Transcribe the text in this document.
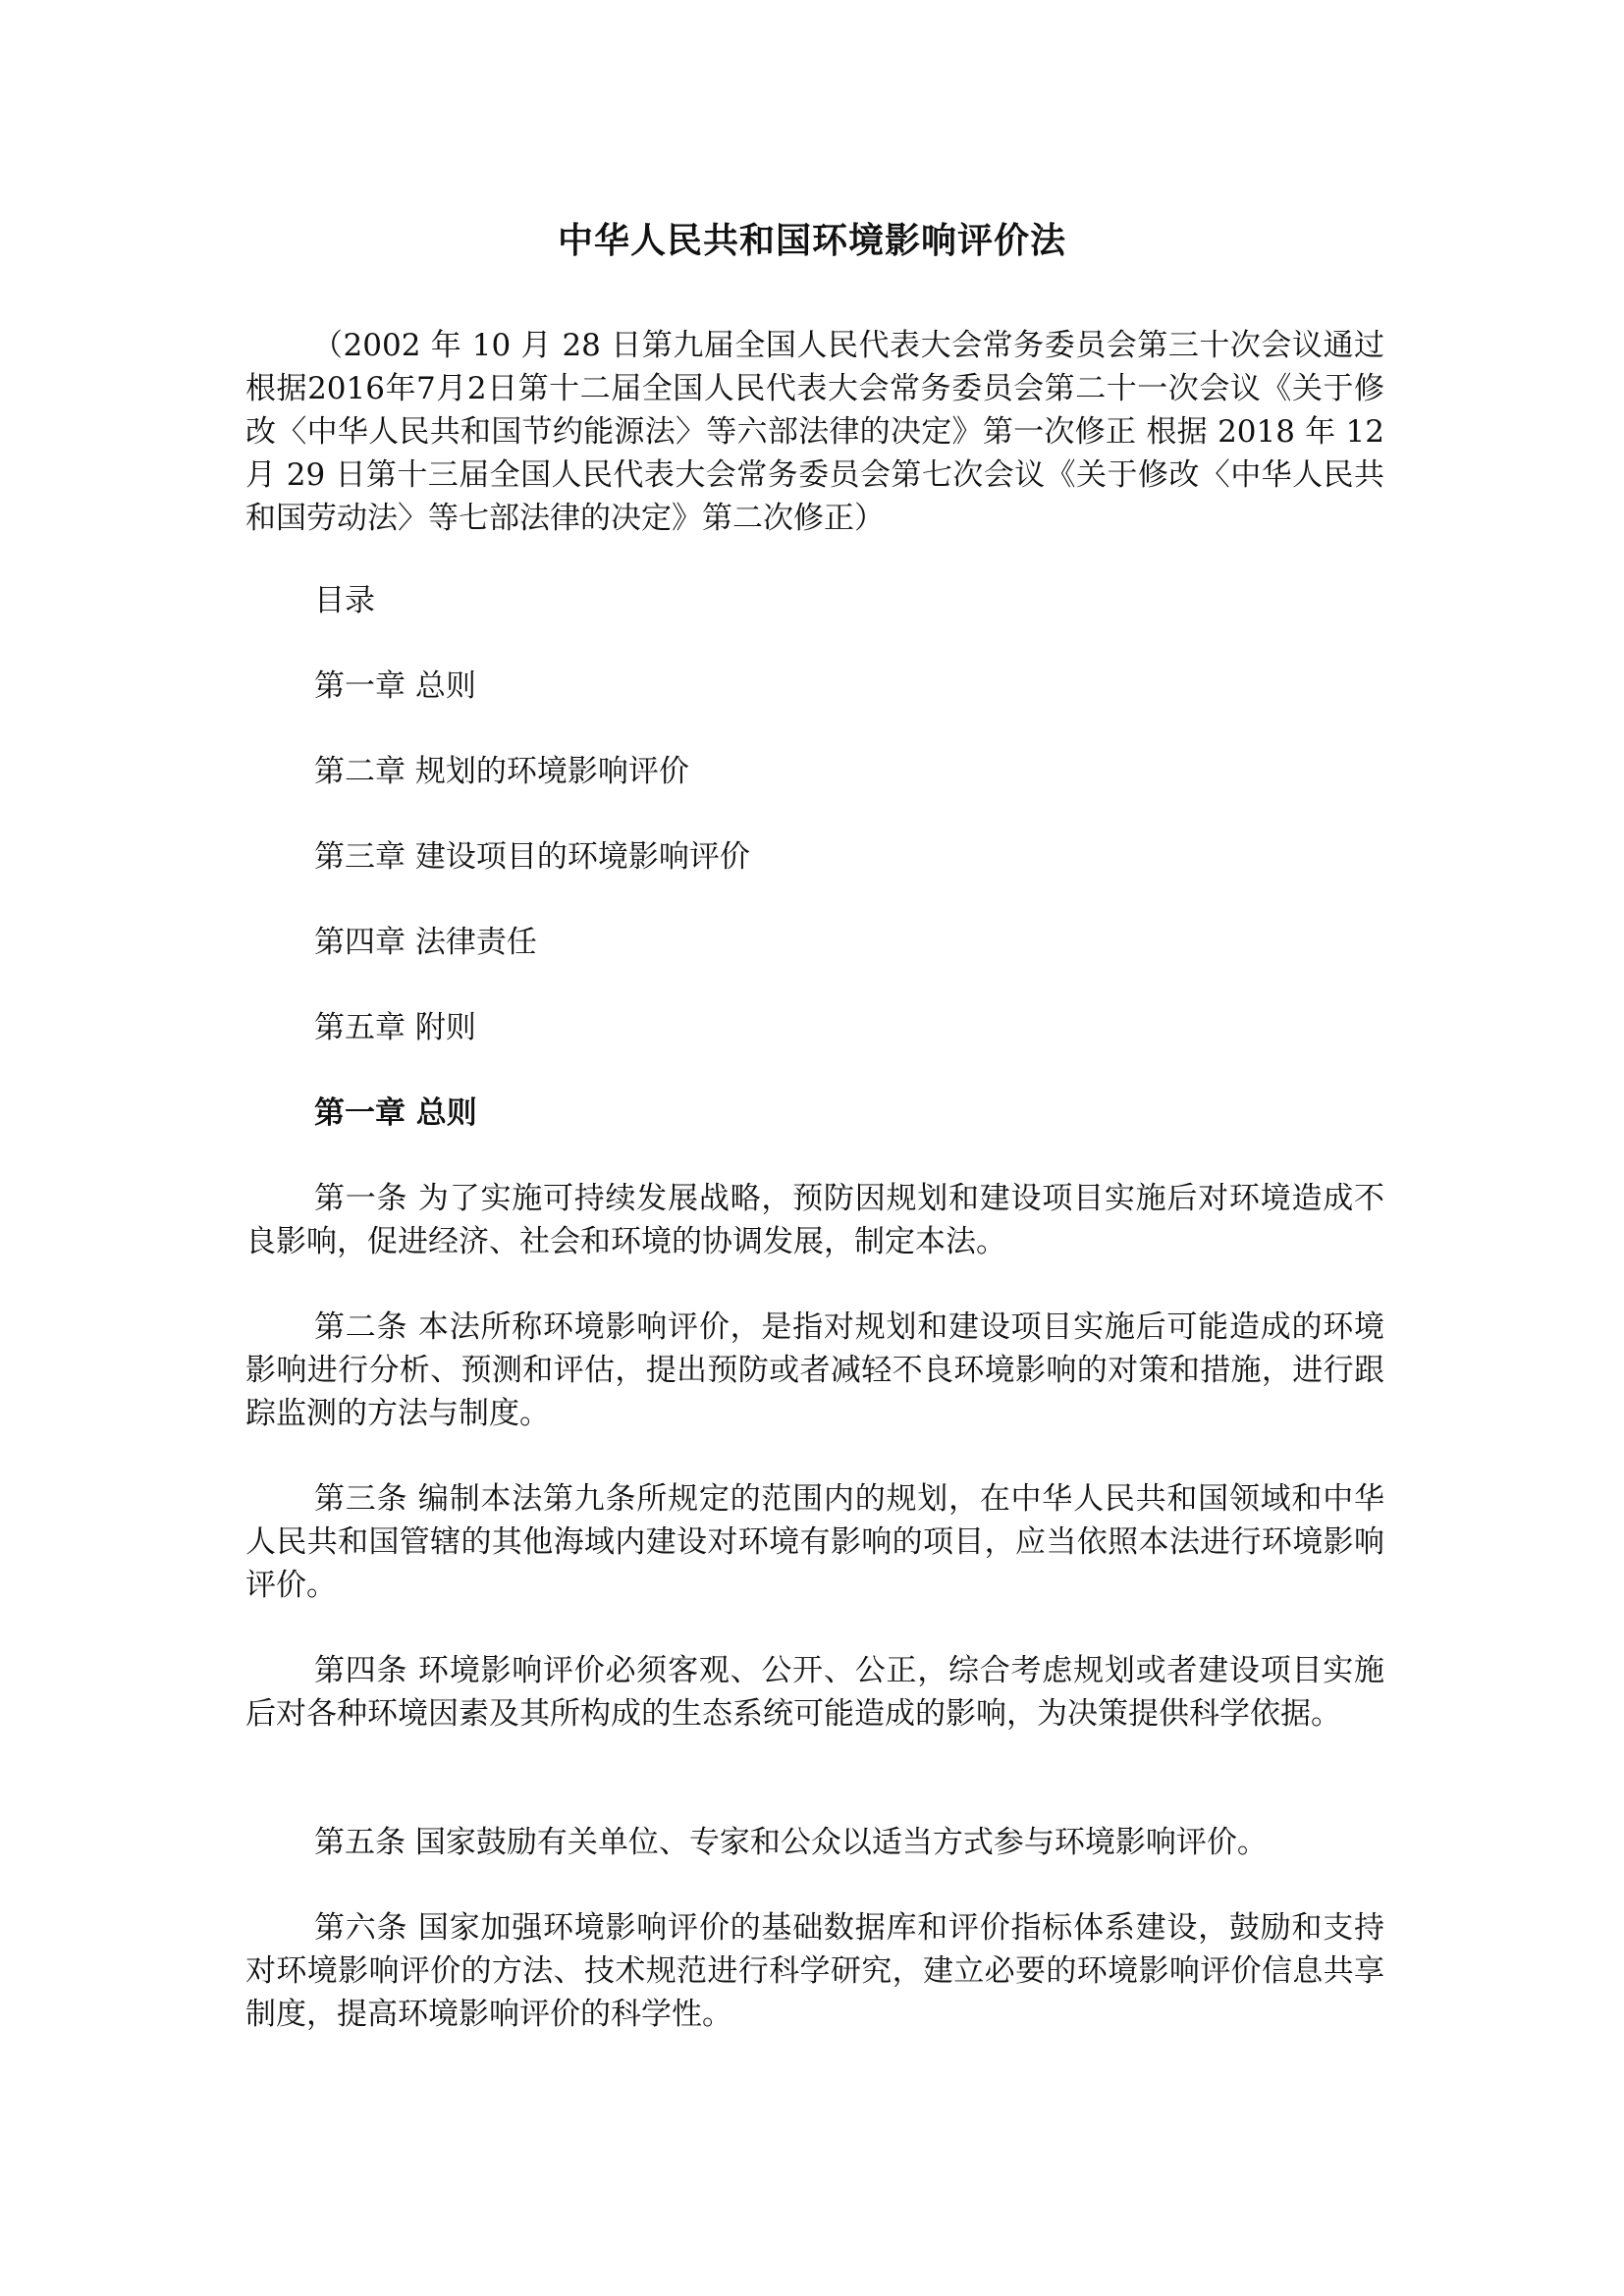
中华人民共和国环境影响评价法

（2002 年 10 月 28 日第九届全国人民代表大会常务委员会第三十次会议通过 根据2016年7月2日第十二届全国人民代表大会常务委员会第二十一次会议《关于修改〈中华人民共和国节约能源法〉等六部法律的决定》第一次修正 根据 2018 年 12 月 29 日第十三届全国人民代表大会常务委员会第七次会议《关于修改〈中华人民共和国劳动法〉等七部法律的决定》第二次修正）

目录
第一章 总则
第二章 规划的环境影响评价
第三章 建设项目的环境影响评价
第四章 法律责任
第五章 附则
第一章 总则

第一条 为了实施可持续发展战略，预防因规划和建设项目实施后对环境造成不良影响，促进经济、社会和环境的协调发展，制定本法。

第二条 本法所称环境影响评价，是指对规划和建设项目实施后可能造成的环境影响进行分析、预测和评估，提出预防或者减轻不良环境影响的对策和措施，进行跟踪监测的方法与制度。

第三条 编制本法第九条所规定的范围内的规划，在中华人民共和国领域和中华人民共和国管辖的其他海域内建设对环境有影响的项目，应当依照本法进行环境影响评价。

第四条 环境影响评价必须客观、公开、公正，综合考虑规划或者建设项目实施后对各种环境因素及其所构成的生态系统可能造成的影响，为决策提供科学依据。

第五条 国家鼓励有关单位、专家和公众以适当方式参与环境影响评价。

第六条 国家加强环境影响评价的基础数据库和评价指标体系建设，鼓励和支持对环境影响评价的方法、技术规范进行科学研究，建立必要的环境影响评价信息共享制度，提高环境影响评价的科学性。
